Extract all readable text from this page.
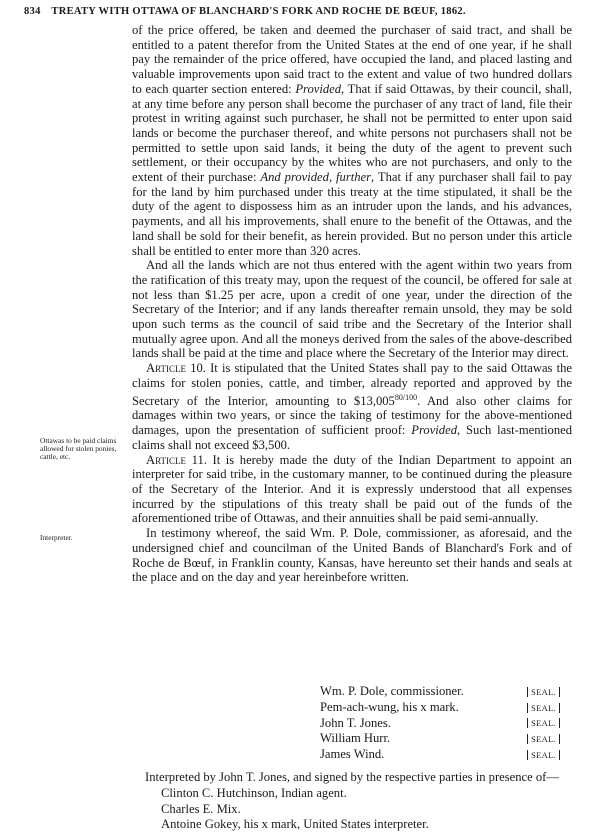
834 TREATY WITH OTTAWA OF BLANCHARD'S FORK AND ROCHE DE BŒUF, 1862.
Ottawas to be paid claims allowed for stolen ponies, cattle, etc.
Interpreter.

of the price offered, be taken and deemed the purchaser of said tract, and shall be entitled to a patent therefor from the United States at the end of one year, if he shall pay the remainder of the price offered, have occupied the land, and placed lasting and valuable improvements upon said tract to the extent and value of two hundred dollars to each quarter section entered: Provided, That if said Ottawas, by their council, shall, at any time before any person shall become the purchaser of any tract of land, file their protest in writing against such purchaser, he shall not be permitted to enter upon said lands or become the purchaser thereof, and white persons not purchasers shall not be permitted to settle upon said lands, it being the duty of the agent to prevent such settlement, or their occupancy by the whites who are not purchasers, and only to the extent of their purchase: And provided, further, That if any purchaser shall fail to pay for the land by him purchased under this treaty at the time stipulated, it shall be the duty of the agent to dispossess him as an intruder upon the lands, and his advances, payments, and all his improvements, shall enure to the benefit of the Ottawas, and the land shall be sold for their benefit, as herein provided. But no person under this article shall be entitled to enter more than 320 acres.

And all the lands which are not thus entered with the agent within two years from the ratification of this treaty may, upon the request of the council, be offered for sale at not less than $1.25 per acre, upon a credit of one year, under the direction of the Secretary of the Interior; and if any lands thereafter remain unsold, they may be sold upon such terms as the council of said tribe and the Secretary of the Interior shall mutually agree upon. And all the moneys derived from the sales of the above-described lands shall be paid at the time and place where the Secretary of the Interior may direct.

Article 10. It is stipulated that the United States shall pay to the said Ottawas the claims for stolen ponies, cattle, and timber, already reported and approved by the Secretary of the Interior, amounting to $\$13,005^{80/100}$. And also other claims for damages within two years, or since the taking of testimony for the above-mentioned damages, upon the presentation of sufficient proof: Provided, Such last-mentioned claims shall not exceed $3,500.

Article 11. It is hereby made the duty of the Indian Department to appoint an interpreter for said tribe, in the customary manner, to be continued during the pleasure of the Secretary of the Interior. And it is expressly understood that all expenses incurred by the stipulations of this treaty shall be paid out of the funds of the aforementioned tribe of Ottawas, and their annuities shall be paid semi-annually.

In testimony whereof, the said Wm. P. Dole, commissioner, as aforesaid, and the undersigned chief and councilman of the United Bands of Blanchard's Fork and of Roche de Bœuf, in Franklin county, Kansas, have hereunto set their hands and seals at the place and on the day and year hereinbefore written.

Wm. P. Dole, commissioner.	SEAL.
Pem-ach-wung, his x mark.	SEAL.
John T. Jones.	SEAL.
William Hurr.	SEAL.
James Wind.	SEAL.
Interpreted by John T. Jones, and signed by the respective parties in presence of—
Clinton C. Hutchinson, Indian agent.
Charles E. Mix.
Antoine Gokey, his x mark, United States interpreter.
